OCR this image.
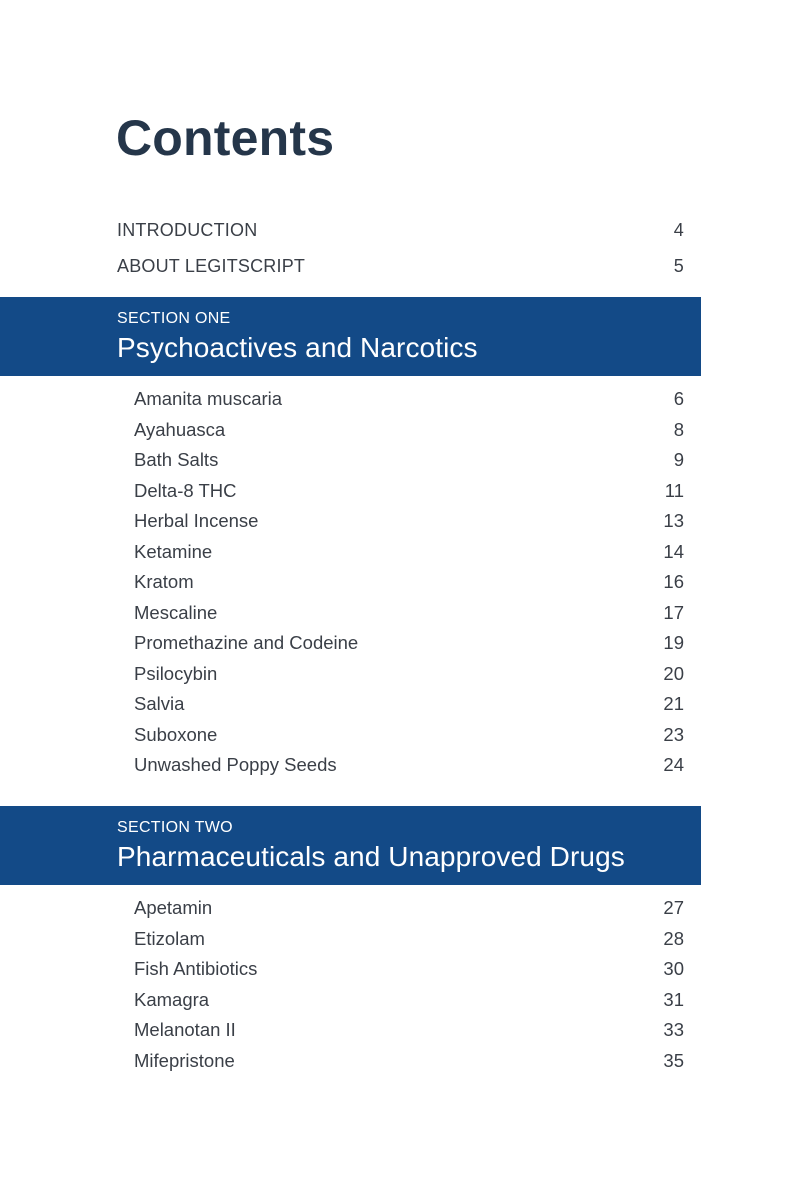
Contents
INTRODUCTION	4
ABOUT LEGITSCRIPT	5
SECTION ONE
Psychoactives and Narcotics
Amanita muscaria	6
Ayahuasca	8
Bath Salts	9
Delta-8 THC	11
Herbal Incense	13
Ketamine	14
Kratom	16
Mescaline	17
Promethazine and Codeine	19
Psilocybin	20
Salvia	21
Suboxone	23
Unwashed Poppy Seeds	24
SECTION TWO
Pharmaceuticals and Unapproved Drugs
Apetamin	27
Etizolam	28
Fish Antibiotics	30
Kamagra	31
Melanotan II	33
Mifepristone	35
